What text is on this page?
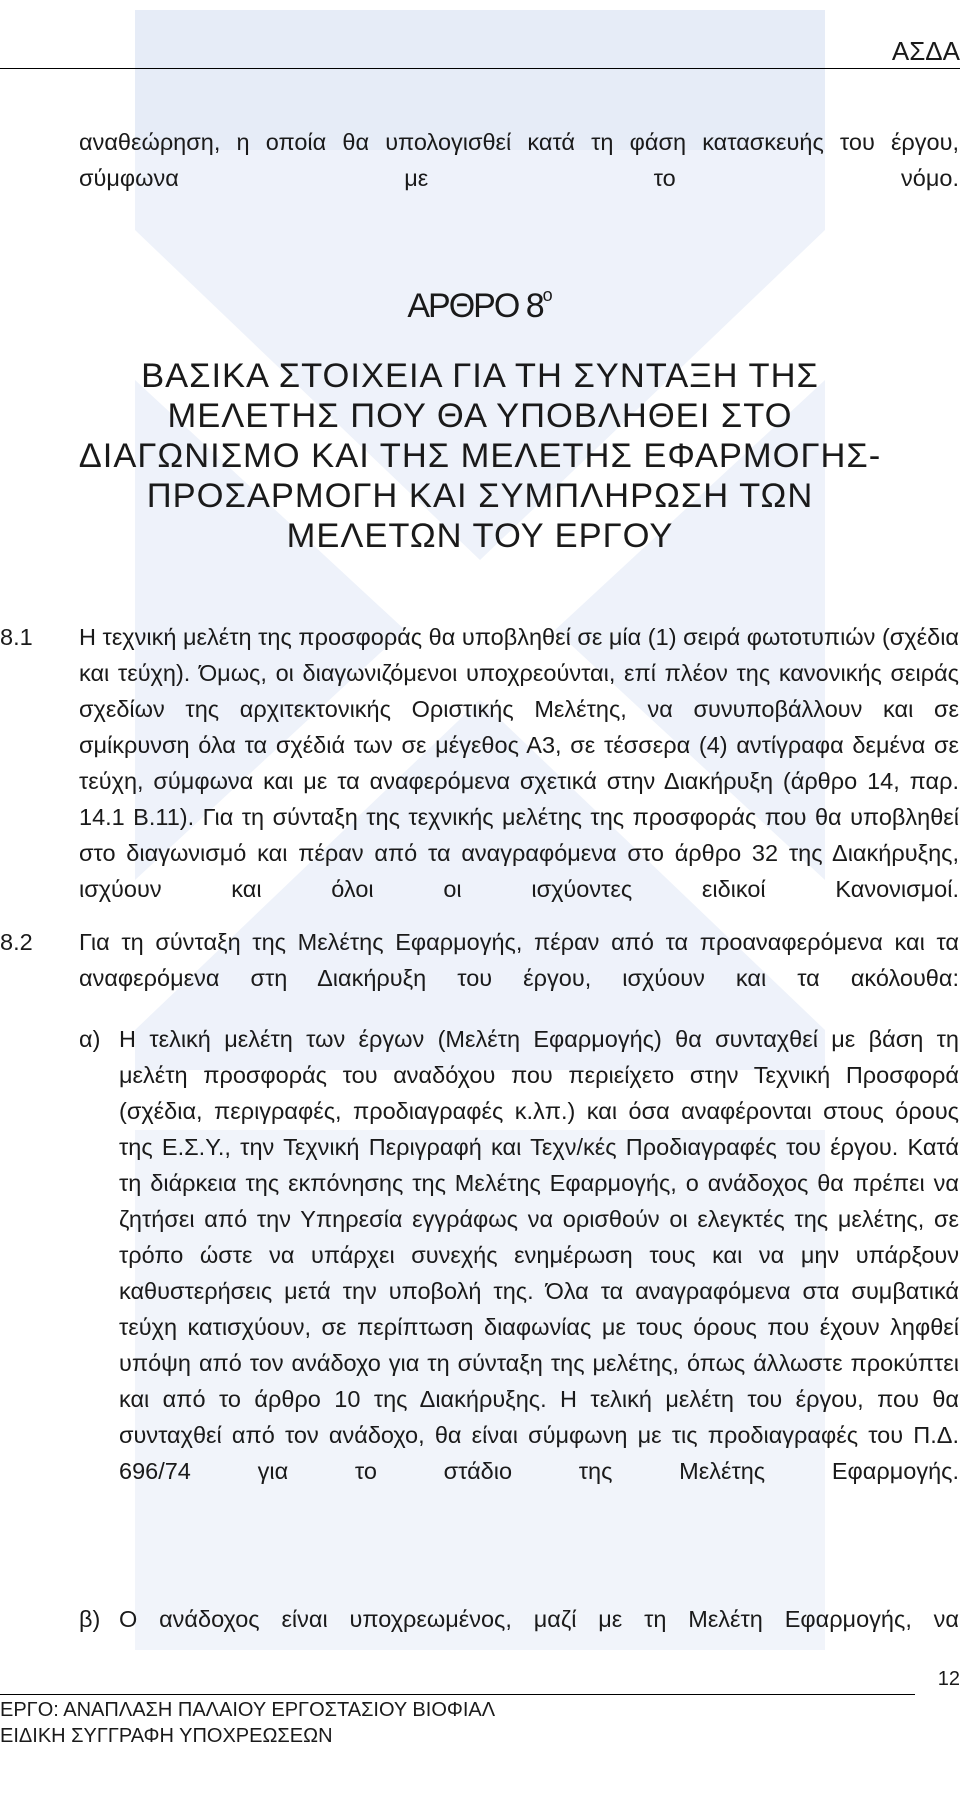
ΑΣΔΑ

αναθεώρηση, η οποία θα υπολογισθεί κατά τη φάση κατασκευής του έργου, σύμφωνα με το νόμο.

ΑΡΘΡΟ $8^o$

ΒΑΣΙΚΑ ΣΤΟΙΧΕΙΑ ΓΙΑ ΤΗ ΣΥΝΤΑΞΗ ΤΗΣ ΜΕΛΕΤΗΣ ΠΟΥ ΘΑ ΥΠΟΒΛΗΘΕΙ ΣΤΟ ΔΙΑΓΩΝΙΣΜΟ ΚΑΙ ΤΗΣ ΜΕΛΕΤΗΣ ΕΦΑΡΜΟΓΗΣ-ΠΡΟΣΑΡΜΟΓΗ ΚΑΙ ΣΥΜΠΛΗΡΩΣΗ ΤΩΝ ΜΕΛΕΤΩΝ ΤΟΥ ΕΡΓΟΥ

8.1 Η τεχνική μελέτη της προσφοράς θα υποβληθεί σε μία (1) σειρά φωτοτυπιών (σχέδια και τεύχη). Όμως, οι διαγωνιζόμενοι υποχρεούνται, επί πλέον της κανονικής σειράς σχεδίων της αρχιτεκτονικής Οριστικής Μελέτης, να συνυποβάλλουν και σε σμίκρυνση όλα τα σχέδιά των σε μέγεθος Α3, σε τέσσερα (4) αντίγραφα δεμένα σε τεύχη, σύμφωνα και με τα αναφερόμενα σχετικά στην Διακήρυξη (άρθρο 14, παρ. 14.1 Β.11). Για τη σύνταξη της τεχνικής μελέτης της προσφοράς που θα υποβληθεί στο διαγωνισμό και πέραν από τα αναγραφόμενα στο άρθρο 32 της Διακήρυξης, ισχύουν και όλοι οι ισχύοντες ειδικοί Κανονισμοί.

8.2 Για τη σύνταξη της Μελέτης Εφαρμογής, πέραν από τα προαναφερόμενα και τα αναφερόμενα στη Διακήρυξη του έργου, ισχύουν και τα ακόλουθα:

α) Η τελική μελέτη των έργων (Μελέτη Εφαρμογής) θα συνταχθεί με βάση τη μελέτη προσφοράς του αναδόχου που περιείχετο στην Τεχνική Προσφορά (σχέδια, περιγραφές, προδιαγραφές κ.λπ.) και όσα αναφέρονται στους όρους της Ε.Σ.Υ., την Τεχνική Περιγραφή και Τεχν/κές Προδιαγραφές του έργου. Κατά τη διάρκεια της εκπόνησης της Μελέτης Εφαρμογής, ο ανάδοχος θα πρέπει να ζητήσει από την Υπηρεσία εγγράφως να ορισθούν οι ελεγκτές της μελέτης, σε τρόπο ώστε να υπάρχει συνεχής ενημέρωση τους και να μην υπάρξουν καθυστερήσεις μετά την υποβολή της. Όλα τα αναγραφόμενα στα συμβατικά τεύχη κατισχύουν, σε περίπτωση διαφωνίας με τους όρους που έχουν ληφθεί υπόψη από τον ανάδοχο για τη σύνταξη της μελέτης, όπως άλλωστε προκύπτει και από το άρθρο 10 της Διακήρυξης. Η τελική μελέτη του έργου, που θα συνταχθεί από τον ανάδοχο, θα είναι σύμφωνη με τις προδιαγραφές του Π.Δ. 696/74 για το στάδιο της Μελέτης Εφαρμογής.

β) Ο ανάδοχος είναι υποχρεωμένος, μαζί με τη Μελέτη Εφαρμογής, να

12
ΕΡΓΟ: ΑΝΑΠΛΑΣΗ ΠΑΛΑΙΟΥ ΕΡΓΟΣΤΑΣΙΟΥ ΒΙΟΦΙΑΛ
ΕΙΔΙΚΗ ΣΥΓΓΡΑΦΗ ΥΠΟΧΡΕΩΣΕΩΝ
